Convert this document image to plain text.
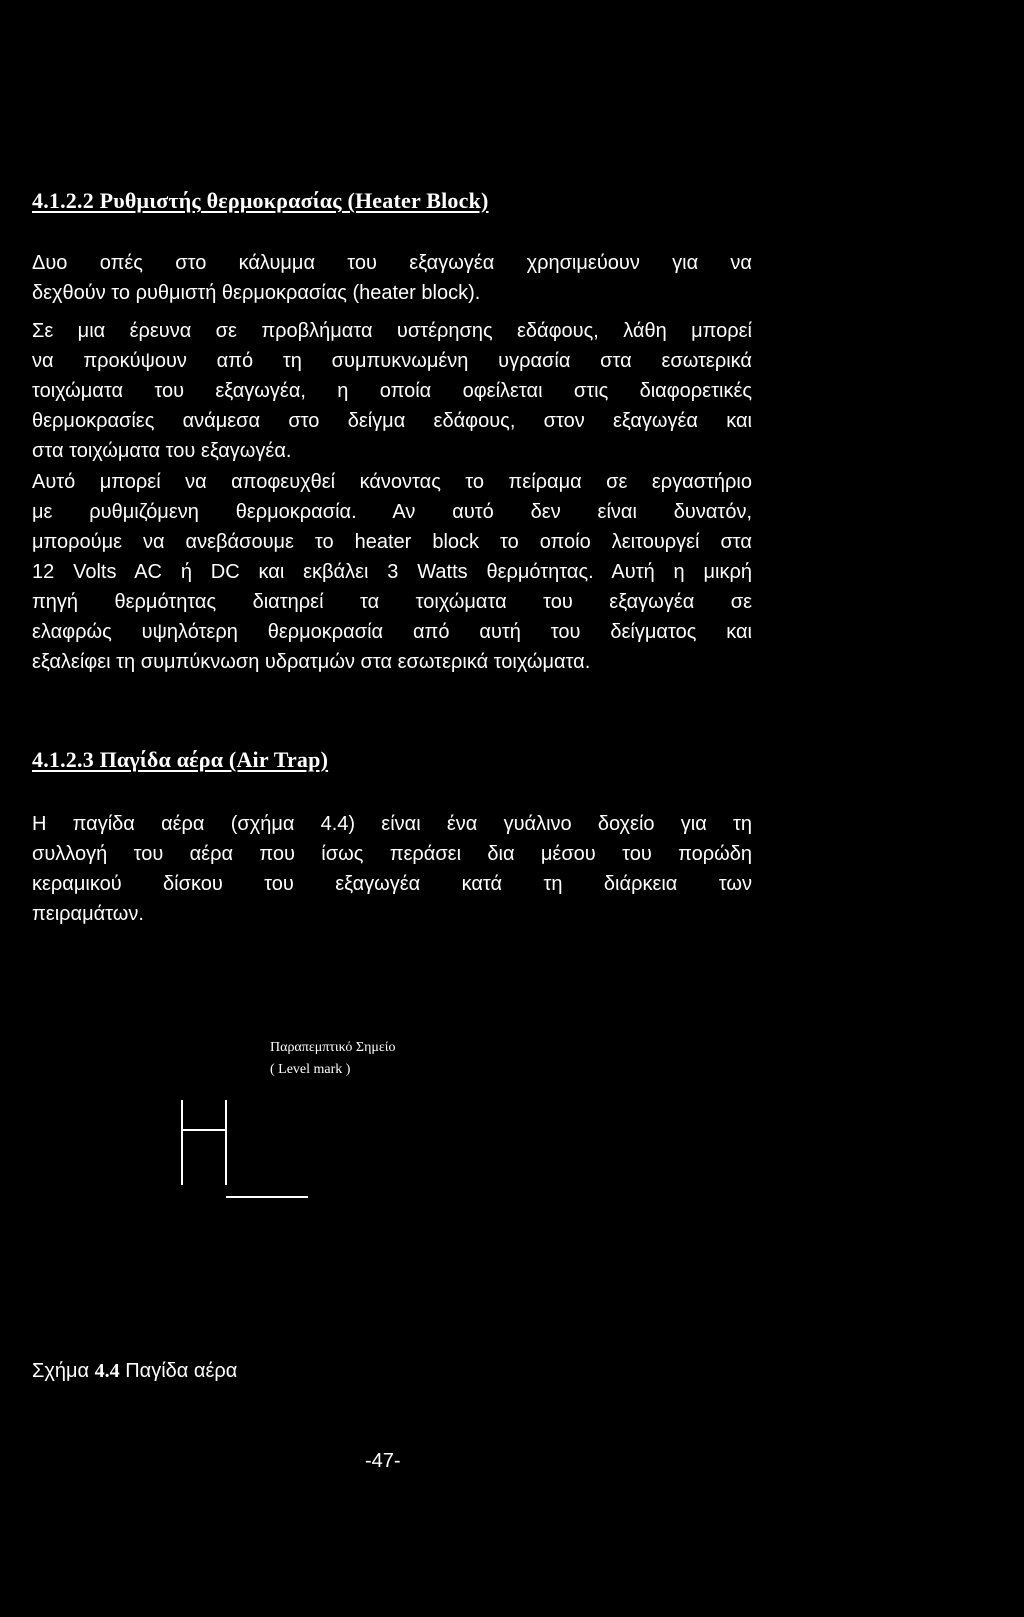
4.1.2.2 Ρυθμιστής θερμοκρασίας (Heater Block)
Δυο οπές στο κάλυμμα του εξαγωγέα χρησιμεύουν για να
δεχθούν το ρυθμιστή θερμοκρασίας (heater block).
Σε μια έρευνα σε προβλήματα υστέρησης εδάφους, λάθη μπορεί
να προκύψουν από τη συμπυκνωμένη υγρασία στα εσωτερικά
τοιχώματα του εξαγωγέα, η οποία οφείλεται στις διαφορετικές
θερμοκρασίες ανάμεσα στο δείγμα εδάφους, στον εξαγωγέα και
στα τοιχώματα του εξαγωγέα.
Αυτό μπορεί να αποφευχθεί κάνοντας το πείραμα σε εργαστήριο
με ρυθμιζόμενη θερμοκρασία. Αν αυτό δεν είναι δυνατόν,
μπορούμε να ανεβάσουμε το heater block το οποίο λειτουργεί στα
12 Volts AC ή DC και εκβάλει 3 Watts θερμότητας. Αυτή η μικρή
πηγή θερμότητας διατηρεί τα τοιχώματα του εξαγωγέα σε
ελαφρώς υψηλότερη θερμοκρασία από αυτή του δείγματος και
εξαλείφει τη συμπύκνωση υδρατμών στα εσωτερικά τοιχώματα.
4.1.2.3 Παγίδα αέρα (Air Trap)
Η παγίδα αέρα (σχήμα 4.4) είναι ένα γυάλινο δοχείο για τη
συλλογή του αέρα που ίσως περάσει δια μέσου του πορώδη
κεραμικού δίσκου του εξαγωγέα κατά τη διάρκεια των
πειραμάτων.
Παραπεμπτικό Σημείο
( Level mark )
Σχήμα 4.4 Παγίδα αέρα
-47-
